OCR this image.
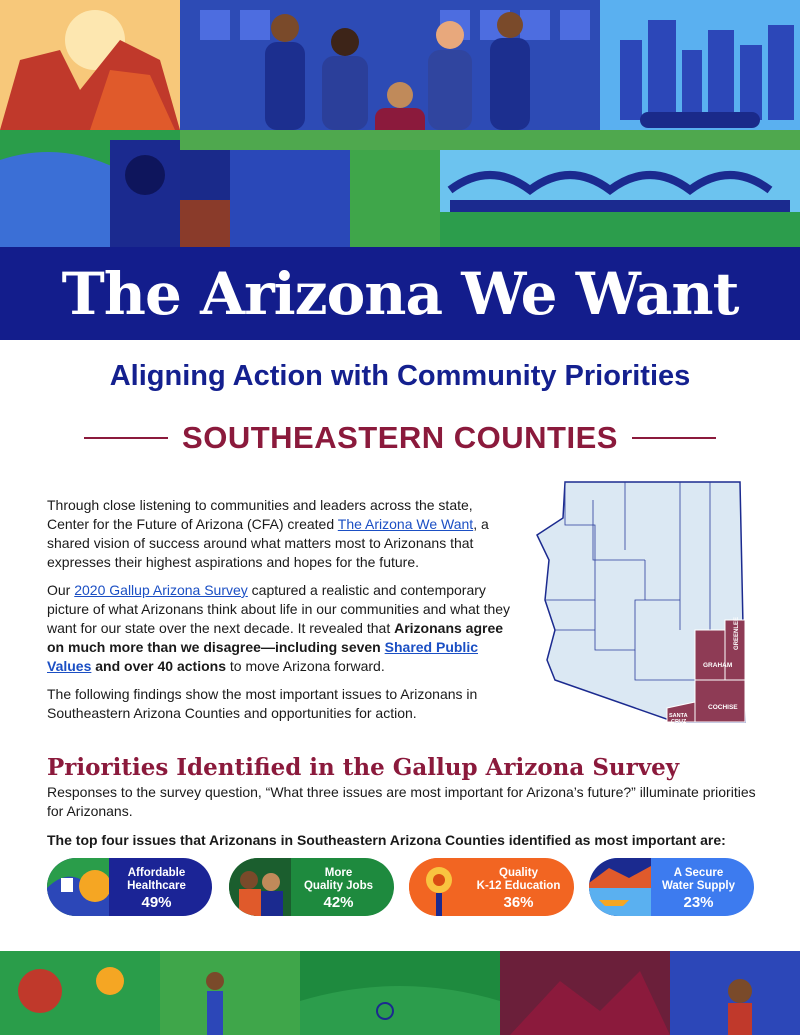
The Arizona We Want
Aligning Action with Community Priorities
SOUTHEASTERN COUNTIES

Through close listening to communities and leaders across the state, Center for the Future of Arizona (CFA) created The Arizona We Want, a shared vision of success around what matters most to Arizonans that expresses their highest aspirations and hopes for the future.

Our 2020 Gallup Arizona Survey captured a realistic and contemporary picture of what Arizonans think about life in our communities and what they want for our state over the next decade. It revealed that Arizonans agree on much more than we disagree—including seven Shared Public Values and over 40 actions to move Arizona forward.

The following findings show the most important issues to Arizonans in Southeastern Arizona Counties and opportunities for action.

GRAHAM
GREENLEE
COCHISE
SANTA
CRUZ
Priorities Identified in the Gallup Arizona Survey
Responses to the survey question, “What three issues are most important for Arizona’s future?” illuminate priorities for Arizonans.
The top four issues that Arizonans in Southeastern Arizona Counties identified as most important are:
Affordable
Healthcare
49%
More
Quality Jobs
42%
Quality
K-12 Education
36%
A Secure
Water Supply
23%
